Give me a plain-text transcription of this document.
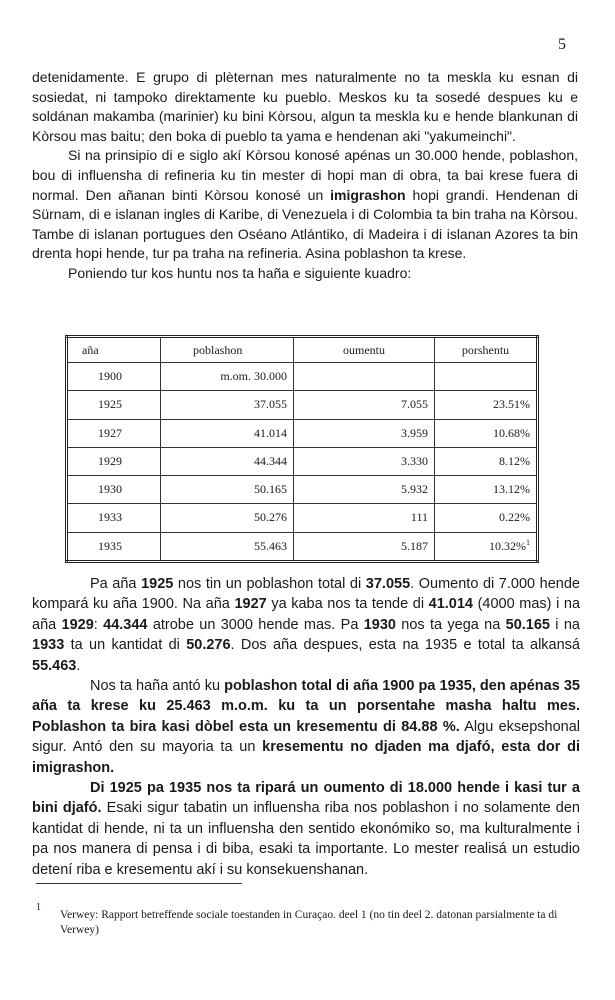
5

detenidamente. E grupo di plèternan mes naturalmente no ta meskla ku esnan di sosiedat, ni tampoko direktamente ku pueblo. Meskos ku ta sosedé despues ku e soldánan makamba (marinier) ku bini Kòrsou, algun ta meskla ku e hende blankunan di Kòrsou mas baitu; den boka di pueblo ta yama e hendenan aki "yakumeinchi".

Si na prinsipio di e siglo akí Kòrsou konosé apénas un 30.000 hende, poblashon, bou di influensha di refineria ku tin mester di hopi man di obra, ta bai krese fuera di normal. Den añanan binti Kòrsou konosé un imigrashon hopi grandi. Hendenan di Sürnam, di e islanan ingles di Karibe, di Venezuela i di Colombia ta bin traha na Kòrsou. Tambe di islanan portugues den Oséano Atlántiko, di Madeira i di islanan Azores ta bin drenta hopi hende, tur pa traha na refineria. Asina poblashon ta krese.

Poniendo tur kos huntu nos ta haña e siguiente kuadro:

aña	poblashon	oumentu	porshentu
1900	m.om. 30.000		
1925	37.055	7.055	23.51%
1927	41.014	3.959	10.68%
1929	44.344	3.330	8.12%
1930	50.165	5.932	13.12%
1933	50.276	111	0.22%
1935	55.463	5.187	10.32%$^1$

Pa aña 1925 nos tin un poblashon total di 37.055. Oumento di 7.000 hende kompará ku aña 1900. Na aña 1927 ya kaba nos ta tende di 41.014 (4000 mas) i na aña 1929: 44.344 atrobe un 3000 hende mas. Pa 1930 nos ta yega na 50.165 i na 1933 ta un kantidat di 50.276. Dos aña despues, esta na 1935 e total ta alkansá 55.463.

Nos ta haña antó ku poblashon total di aña 1900 pa 1935, den apénas 35 aña ta krese ku 25.463 m.o.m. ku ta un porsentahe masha haltu mes. Poblashon ta bira kasi dòbel esta un kresementu di 84.88 %. Algu eksepshonal sigur. Antó den su mayoria ta un kresementu no djaden ma djafó, esta dor di imigrashon.

Di 1925 pa 1935 nos ta ripará un oumento di 18.000 hende i kasi tur a bini djafó. Esaki sigur tabatin un influensha riba nos poblashon i no solamente den kantidat di hende, ni ta un influensha den sentido ekonómiko so, ma kulturalmente i pa nos manera di pensa i di biba, esaki ta importante. Lo mester realisá un estudio detení riba e kresementu akí i su konsekuenshanan.

1
Verwey: Rapport betreffende sociale toestanden in Curaçao. deel 1 (no tin deel 2. datonan parsialmente ta di Verwey)
